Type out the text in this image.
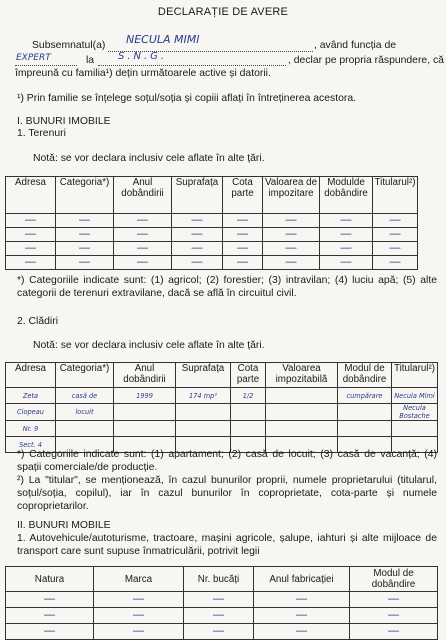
DECLARAȚIE DE AVERE
Subsemnatul(a) NECULA MIMI	, având funcția de
EXPERT	la S.N.G.	, declar pe propria răspundere, că
împreună cu familia¹) dețin următoarele active și datorii.
¹) Prin familie se înțelege soțul/soția și copiii aflați în întreținerea acestora.
I. BUNURI IMOBILE
1. Terenuri
Notă: se vor declara inclusiv cele aflate în alte țări.
Adresa	Categoria*)	Anul dobândirii	Suprafața	Cota parte	Valoarea de impozitare	Modulde dobândire	Titularul²)
—	—	—	—	—	—	—	—
—	—	—	—	—	—	—	—
—	—	—	—	—	—	—	—
—	—	—	—	—	—	—	—
*) Categoriile indicate sunt: (1) agricol; (2) forestier; (3) intravilan; (4) luciu apă; (5) alte categorii de terenuri extravilane, dacă se află în circuitul civil.
2. Clădiri
Notă: se vor declara inclusiv cele aflate în alte țări.
Adresa	Categoria*)	Anul dobândirii	Suprafața	Cota parte	Valoarea impozitabilă	Modul de dobândire	Titularul²)
Zeta	casă de	1999	174 mp²	1/2		cumpărare	Necula Mimi
Ciopeau	locuit						Necula Bostache
Nr. 9							
Sect. 4							
*) Categoriile indicate sunt: (1) apartament; (2) casă de locuit; (3) casă de vacanță; (4) spații comerciale/de producție.
²) La "titular", se menționează, în cazul bunurilor proprii, numele proprietarului (titularul, soțul/soția, copilul), iar în cazul bunurilor în coproprietate, cota-parte și numele coproprietarilor.
II. BUNURI MOBILE
1. Autovehicule/autoturisme, tractoare, mașini agricole, șalupe, iahturi și alte mijloace de transport care sunt supuse înmatriculării, potrivit legii
Natura	Marca	Nr. bucăți	Anul fabricației	Modul de dobândire
—	—	—	—	—
—	—	—	—	—
—	—	—	—	—
